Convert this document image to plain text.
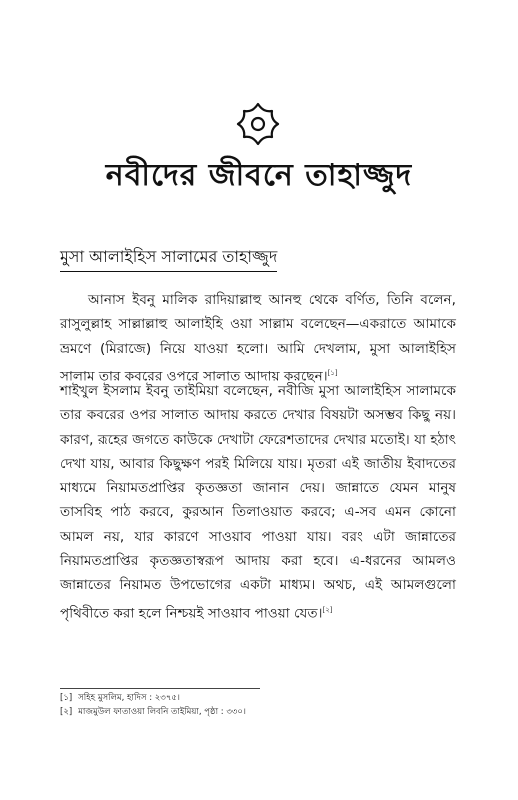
নবীদের জীবনে তাহাজ্জুদ
মুসা আলাইহিস সালামের তাহাজ্জুদ

আনাস ইবনু মালিক রাদিয়াল্লাহু আনহু থেকে বর্ণিত, তিনি বলেন, রাসুলুল্লাহ সাল্লাল্লাহু আলাইহি ওয়া সাল্লাম বলেছেন—একরাতে আমাকে ভ্রমণে (মিরাজে) নিয়ে যাওয়া হলো। আমি দেখলাম, মুসা আলাইহিস সালাম তার কবরের ওপরে সালাত আদায় করছেন।[১]

শাইখুল ইসলাম ইবনু তাইমিয়া বলেছেন, নবীজি মুসা আলাইহিস সালামকে তার কবরের ওপর সালাত আদায় করতে দেখার বিষয়টা অসম্ভব কিছু নয়। কারণ, রূহের জগতে কাউকে দেখাটা ফেরেশতাদের দেখার মতোই। যা হঠাৎ দেখা যায়, আবার কিছুক্ষণ পরই মিলিয়ে যায়। মৃতরা এই জাতীয় ইবাদতের মাধ্যমে নিয়ামতপ্রাপ্তির কৃতজ্ঞতা জানান দেয়। জান্নাতে যেমন মানুষ তাসবিহ পাঠ করবে, কুরআন তিলাওয়াত করবে; এ-সব এমন কোনো আমল নয়, যার কারণে সাওয়াব পাওয়া যায়। বরং এটা জান্নাতের নিয়ামতপ্রাপ্তির কৃতজ্ঞতাস্বরূপ আদায় করা হবে। এ-ধরনের আমলও জান্নাতের নিয়ামত উপভোগের একটা মাধ্যম। অথচ, এই আমলগুলো পৃথিবীতে করা হলে নিশ্চয়ই সাওয়াব পাওয়া যেত।[২]

[১] সহিহ মুসলিম, হাদিস : ২৩৭৫।
[২] মাজমুউল ফাতাওয়া লিবনি তাইমিয়া, পৃষ্ঠা : ৩৩০।
